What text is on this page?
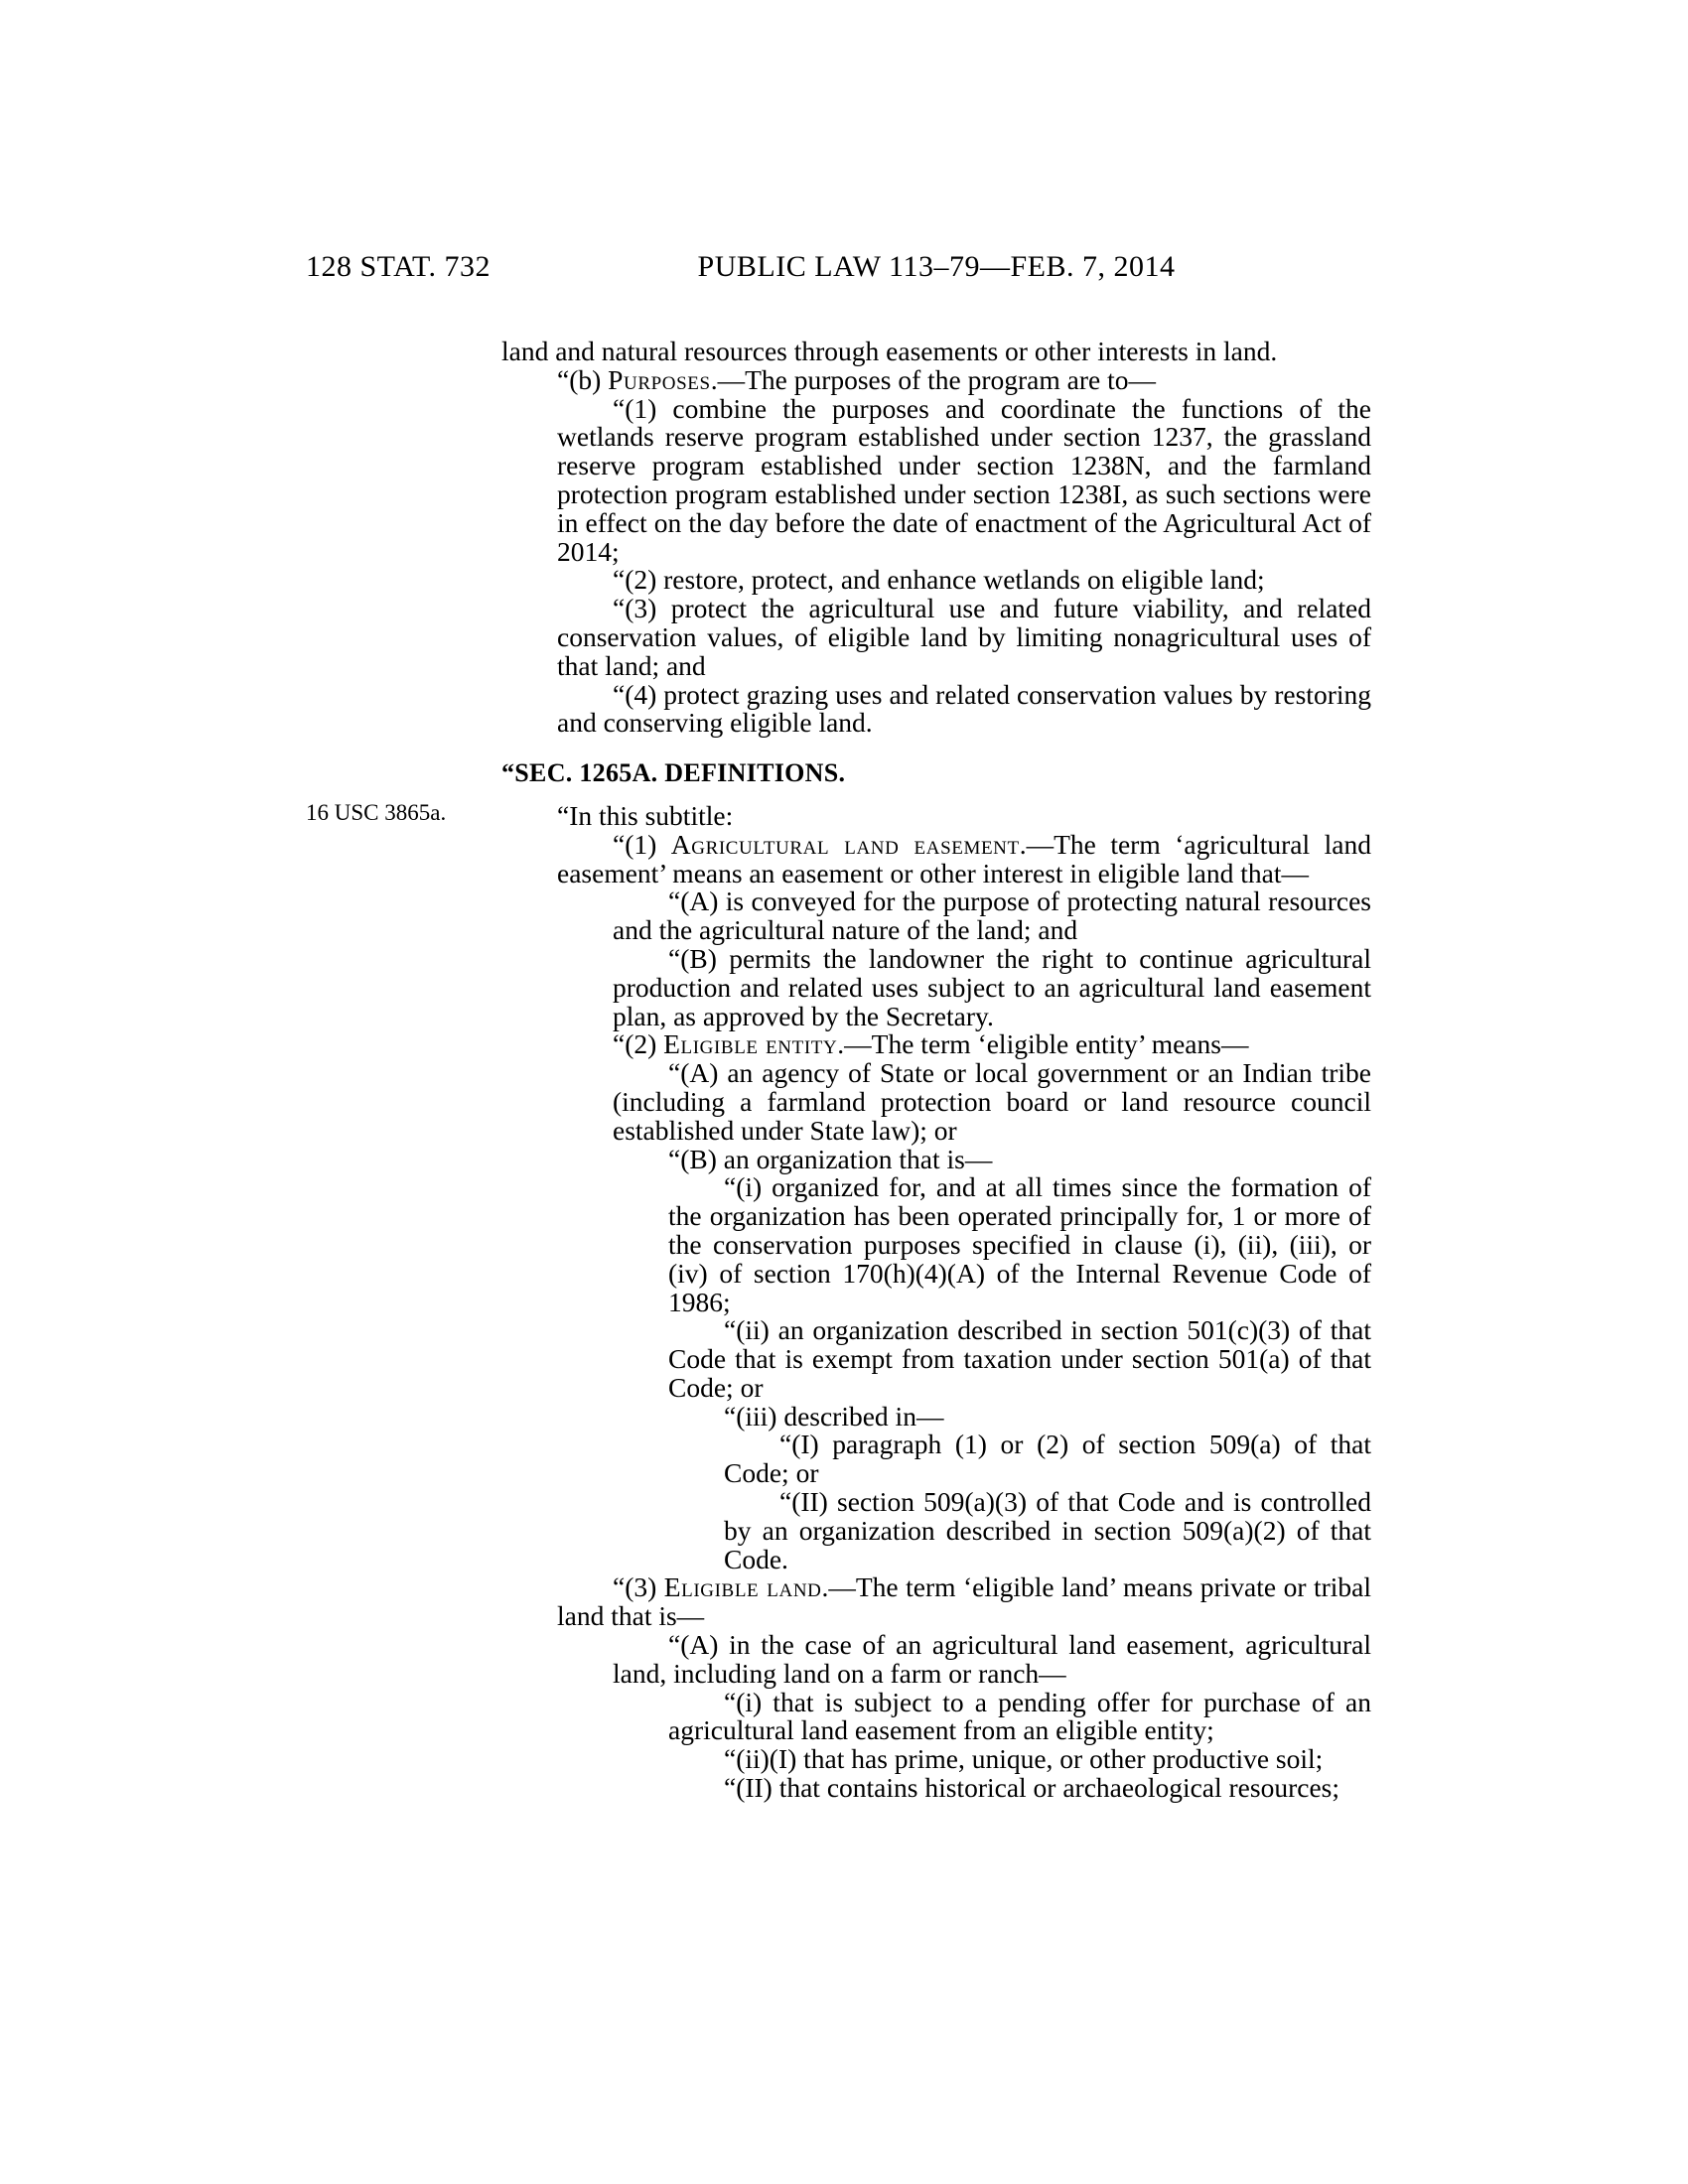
128 STAT. 732	PUBLIC LAW 113–79—FEB. 7, 2014
16 USC 3865a.

land and natural resources through easements or other interests in land.

“(b) Purposes.—The purposes of the program are to—

“(1) combine the purposes and coordinate the functions of the wetlands reserve program established under section 1237, the grassland reserve program established under section 1238N, and the farmland protection program established under section 1238I, as such sections were in effect on the day before the date of enactment of the Agricultural Act of 2014;

“(2) restore, protect, and enhance wetlands on eligible land;

“(3) protect the agricultural use and future viability, and related conservation values, of eligible land by limiting nonagricultural uses of that land; and

“(4) protect grazing uses and related conservation values by restoring and conserving eligible land.

“SEC. 1265A. DEFINITIONS.

“In this subtitle:

“(1) Agricultural land easement.—The term ‘agricultural land easement’ means an easement or other interest in eligible land that—

“(A) is conveyed for the purpose of protecting natural resources and the agricultural nature of the land; and

“(B) permits the landowner the right to continue agricultural production and related uses subject to an agricultural land easement plan, as approved by the Secretary.

“(2) Eligible entity.—The term ‘eligible entity’ means—

“(A) an agency of State or local government or an Indian tribe (including a farmland protection board or land resource council established under State law); or

“(B) an organization that is—

“(i) organized for, and at all times since the formation of the organization has been operated principally for, 1 or more of the conservation purposes specified in clause (i), (ii), (iii), or (iv) of section 170(h)(4)(A) of the Internal Revenue Code of 1986;

“(ii) an organization described in section 501(c)(3) of that Code that is exempt from taxation under section 501(a) of that Code; or

“(iii) described in—

“(I) paragraph (1) or (2) of section 509(a) of that Code; or

“(II) section 509(a)(3) of that Code and is controlled by an organization described in section 509(a)(2) of that Code.

“(3) Eligible land.—The term ‘eligible land’ means private or tribal land that is—

“(A) in the case of an agricultural land easement, agricultural land, including land on a farm or ranch—

“(i) that is subject to a pending offer for purchase of an agricultural land easement from an eligible entity;

“(ii)(I) that has prime, unique, or other productive soil;

“(II) that contains historical or archaeological resources;
